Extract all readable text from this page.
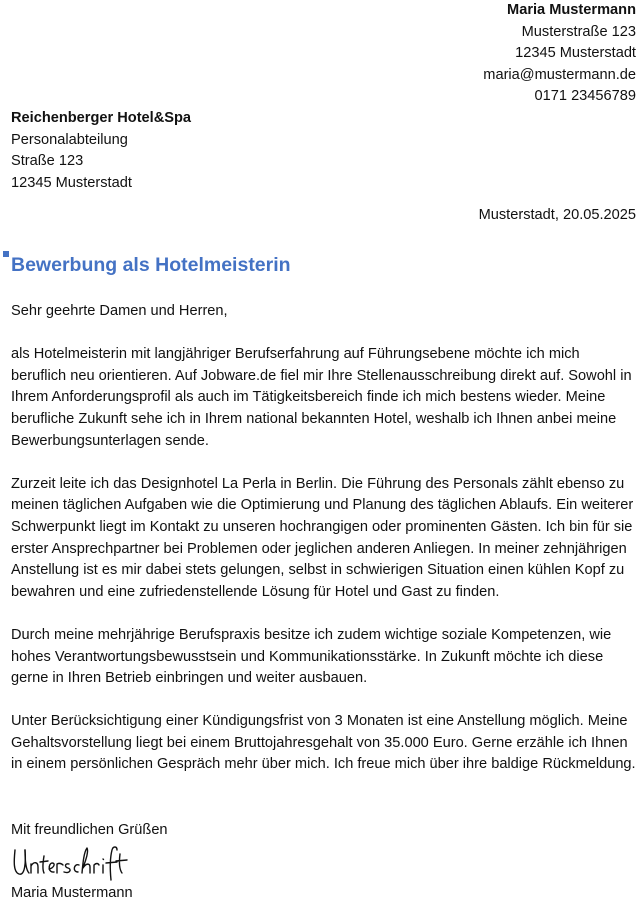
Maria Mustermann
Musterstraße 123
12345 Musterstadt
maria@mustermann.de
0171 23456789
Reichenberger Hotel&Spa
Personalabteilung
Straße 123
12345 Musterstadt
Musterstadt, 20.05.2025
Bewerbung als Hotelmeisterin

Sehr geehrte Damen und Herren,

als Hotelmeisterin mit langjähriger Berufserfahrung auf Führungsebene möchte ich mich beruflich neu orientieren. Auf Jobware.de fiel mir Ihre Stellenausschreibung direkt auf. Sowohl in Ihrem Anforderungsprofil als auch im Tätigkeitsbereich finde ich mich bestens wieder. Meine berufliche Zukunft sehe ich in Ihrem national bekannten Hotel, weshalb ich Ihnen anbei meine Bewerbungsunterlagen sende.

Zurzeit leite ich das Designhotel La Perla in Berlin. Die Führung des Personals zählt ebenso zu meinen täglichen Aufgaben wie die Optimierung und Planung des täglichen Ablaufs. Ein weiterer Schwerpunkt liegt im Kontakt zu unseren hochrangigen oder prominenten Gästen. Ich bin für sie erster Ansprechpartner bei Problemen oder jeglichen anderen Anliegen. In meiner zehnjährigen Anstellung ist es mir dabei stets gelungen, selbst in schwierigen Situation einen kühlen Kopf zu bewahren und eine zufriedenstellende Lösung für Hotel und Gast zu finden.

Durch meine mehrjährige Berufspraxis besitze ich zudem wichtige soziale Kompetenzen, wie hohes Verantwortungsbewusstsein und Kommunikationsstärke. In Zukunft möchte ich diese gerne in Ihren Betrieb einbringen und weiter ausbauen.

Unter Berücksichtigung einer Kündigungsfrist von 3 Monaten ist eine Anstellung möglich. Meine Gehaltsvorstellung liegt bei einem Bruttojahresgehalt von 35.000 Euro. Gerne erzähle ich Ihnen in einem persönlichen Gespräch mehr über mich. Ich freue mich über ihre baldige Rückmeldung.

Mit freundlichen Grüßen
Maria Mustermann
